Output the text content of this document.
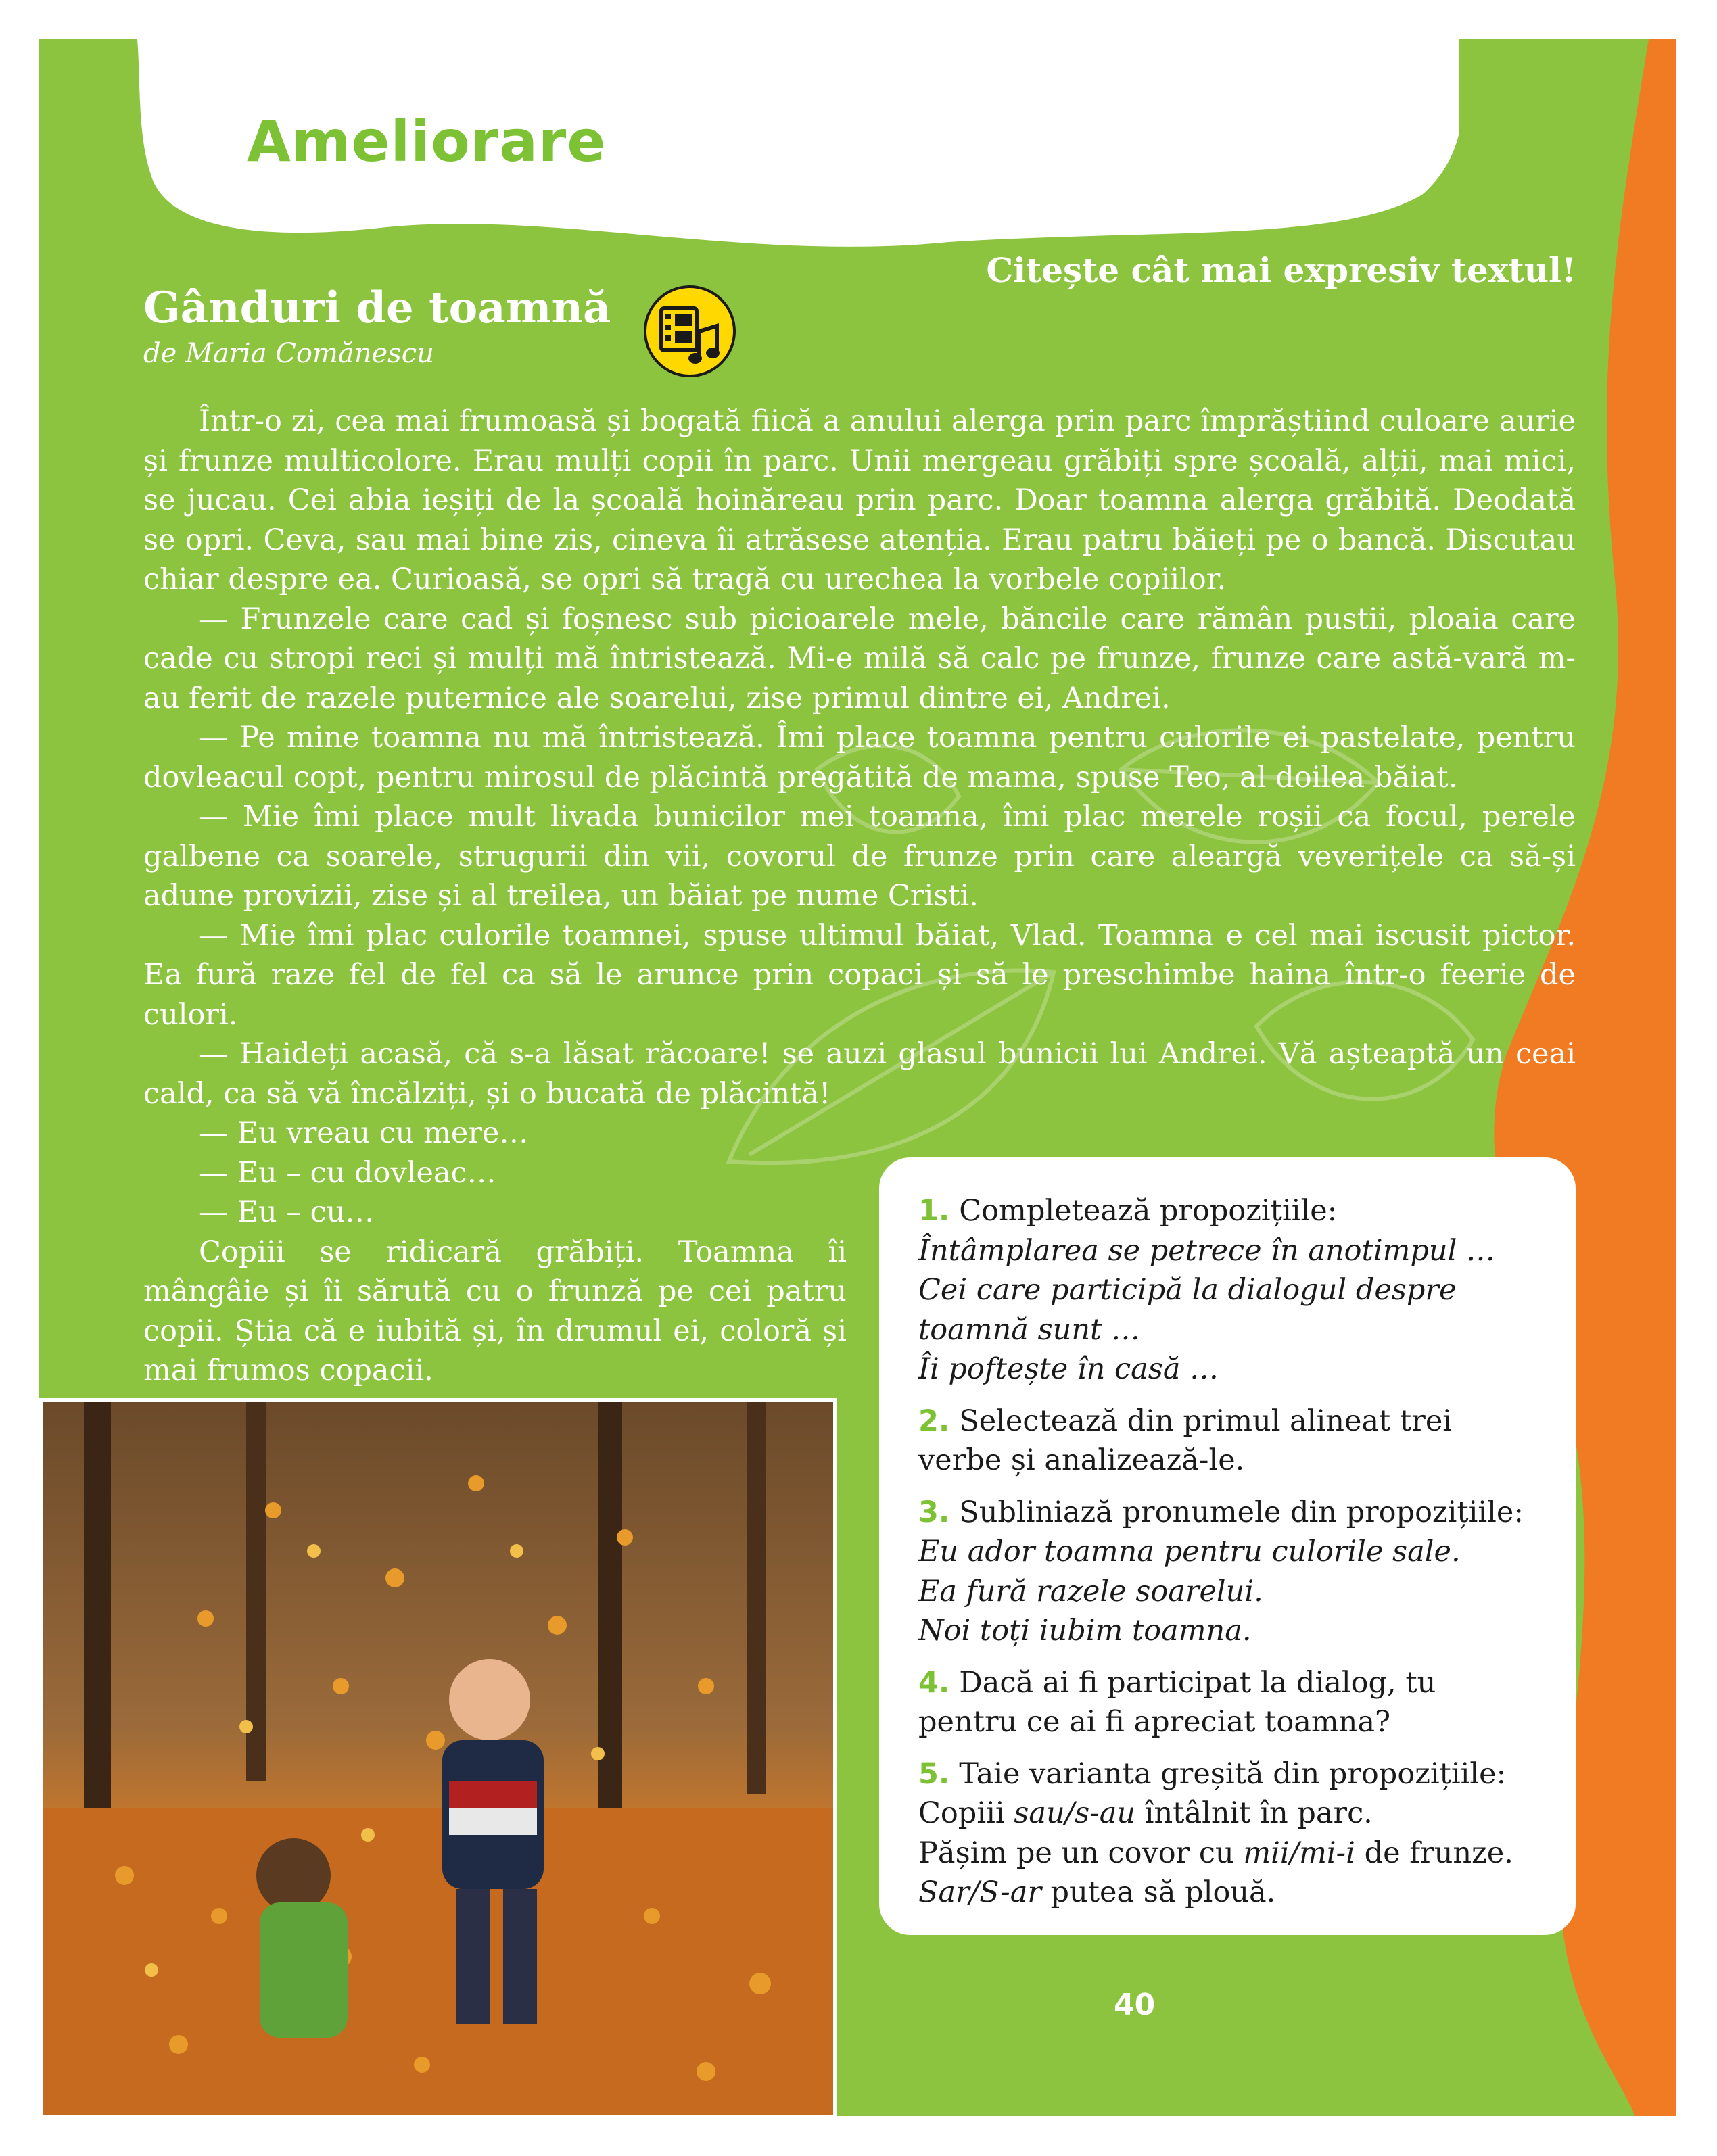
Ameliorare
Citește cât mai expresiv textul!
Gânduri de toamnă
de Maria Comănescu

Într-o zi, cea mai frumoasă și bogată fiică a anului alerga prin parc împrăștiind culoare aurie și frunze multicolore. Erau mulți copii în parc. Unii mergeau grăbiți spre școală, alții, mai mici, se jucau. Cei abia ieșiți de la școală hoinăreau prin parc. Doar toamna alerga grăbită. Deodată se opri. Ceva, sau mai bine zis, cineva îi atrăsese atenția. Erau patru băieți pe o bancă. Discutau chiar despre ea. Curioasă, se opri să tragă cu urechea la vorbele copiilor.

— Frunzele care cad și foșnesc sub picioarele mele, băncile care rămân pustii, ploaia care cade cu stropi reci și mulți mă întristează. Mi-e milă să calc pe frunze, frunze care astă-vară m-au ferit de razele puternice ale soarelui, zise primul dintre ei, Andrei.

— Pe mine toamna nu mă întristează. Îmi place toamna pentru culorile ei pastelate, pentru dovleacul copt, pentru mirosul de plăcintă pregătită de mama, spuse Teo, al doilea băiat.

— Mie îmi place mult livada bunicilor mei toamna, îmi plac merele roșii ca focul, perele galbene ca soarele, strugurii din vii, covorul de frunze prin care aleargă veverițele ca să-și adune provizii, zise și al treilea, un băiat pe nume Cristi.

— Mie îmi plac culorile toamnei, spuse ultimul băiat, Vlad. Toamna e cel mai iscusit pictor. Ea fură raze fel de fel ca să le arunce prin copaci și să le preschimbe haina într-o feerie de culori.

— Haideți acasă, că s-a lăsat răcoare! se auzi glasul bunicii lui Andrei. Vă așteaptă un ceai cald, ca să vă încălziți, și o bucată de plăcintă!

— Eu vreau cu mere…

— Eu – cu dovleac…

— Eu – cu…

Copiii se ridicară grăbiți. Toamna îi mângâie și îi sărută cu o frunză pe cei patru copii. Știa că e iubită și, în drumul ei, coloră și mai frumos copacii.

1. Completează propozițiile:

Întâmplarea se petrece în anotimpul …

Cei care participă la dialogul despre toamnă sunt …

Îi poftește în casă …

2. Selectează din primul alineat trei verbe și analizează-le.

3. Subliniază pronumele din propozițiile:

Eu ador toamna pentru culorile sale.

Ea fură razele soarelui.

Noi toți iubim toamna.

4. Dacă ai fi participat la dialog, tu pentru ce ai fi apreciat toamna?

5. Taie varianta greșită din propozițiile:

Copiii sau/s-au întâlnit în parc.

Pășim pe un covor cu mii/mi-i de frunze.

Sar/S-ar putea să plouă.

40
